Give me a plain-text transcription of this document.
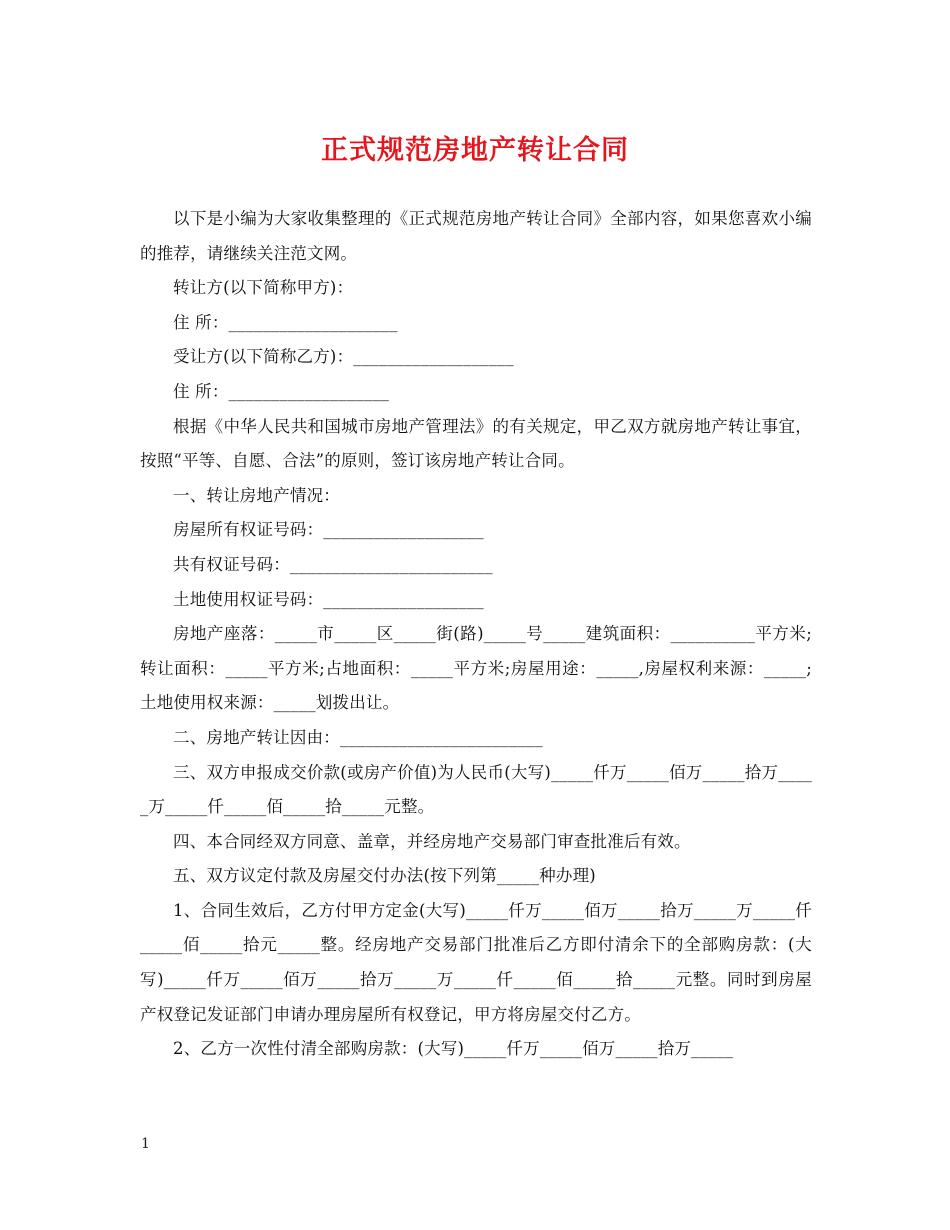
正式规范房地产转让合同

以下是小编为大家收集整理的《正式规范房地产转让合同》全部内容，如果您喜欢小编的推荐，请继续关注范文网。

转让方(以下简称甲方)：

住 所：____________________

受让方(以下简称乙方)：___________________

住 所：___________________

根据《中华人民共和国城市房地产管理法》的有关规定，甲乙双方就房地产转让事宜，按照“平等、自愿、合法”的原则，签订该房地产转让合同。

一、转让房地产情况：

房屋所有权证号码：___________________

共有权证号码：________________________

土地使用权证号码：___________________

房地产座落：_____市_____区_____街(路)_____号_____建筑面积：__________平方米;转让面积：_____平方米;占地面积：_____平方米;房屋用途：_____,房屋权利来源：_____;土地使用权来源：_____划拨出让。

二、房地产转让因由：________________________

三、双方申报成交价款(或房产价值)为人民币(大写)_____仟万_____佰万_____拾万_____万_____仟_____佰_____拾_____元整。

四、本合同经双方同意、盖章，并经房地产交易部门审查批准后有效。

五、双方议定付款及房屋交付办法(按下列第_____种办理)

1、合同生效后，乙方付甲方定金(大写)_____仟万_____佰万_____拾万_____万_____仟_____佰_____拾元_____整。经房地产交易部门批准后乙方即付清余下的全部购房款：(大写)_____仟万_____佰万_____拾万_____万_____仟_____佰_____拾_____元整。同时到房屋产权登记发证部门申请办理房屋所有权登记，甲方将房屋交付乙方。

2、乙方一次性付清全部购房款：(大写)_____仟万_____佰万_____拾万_____

1
